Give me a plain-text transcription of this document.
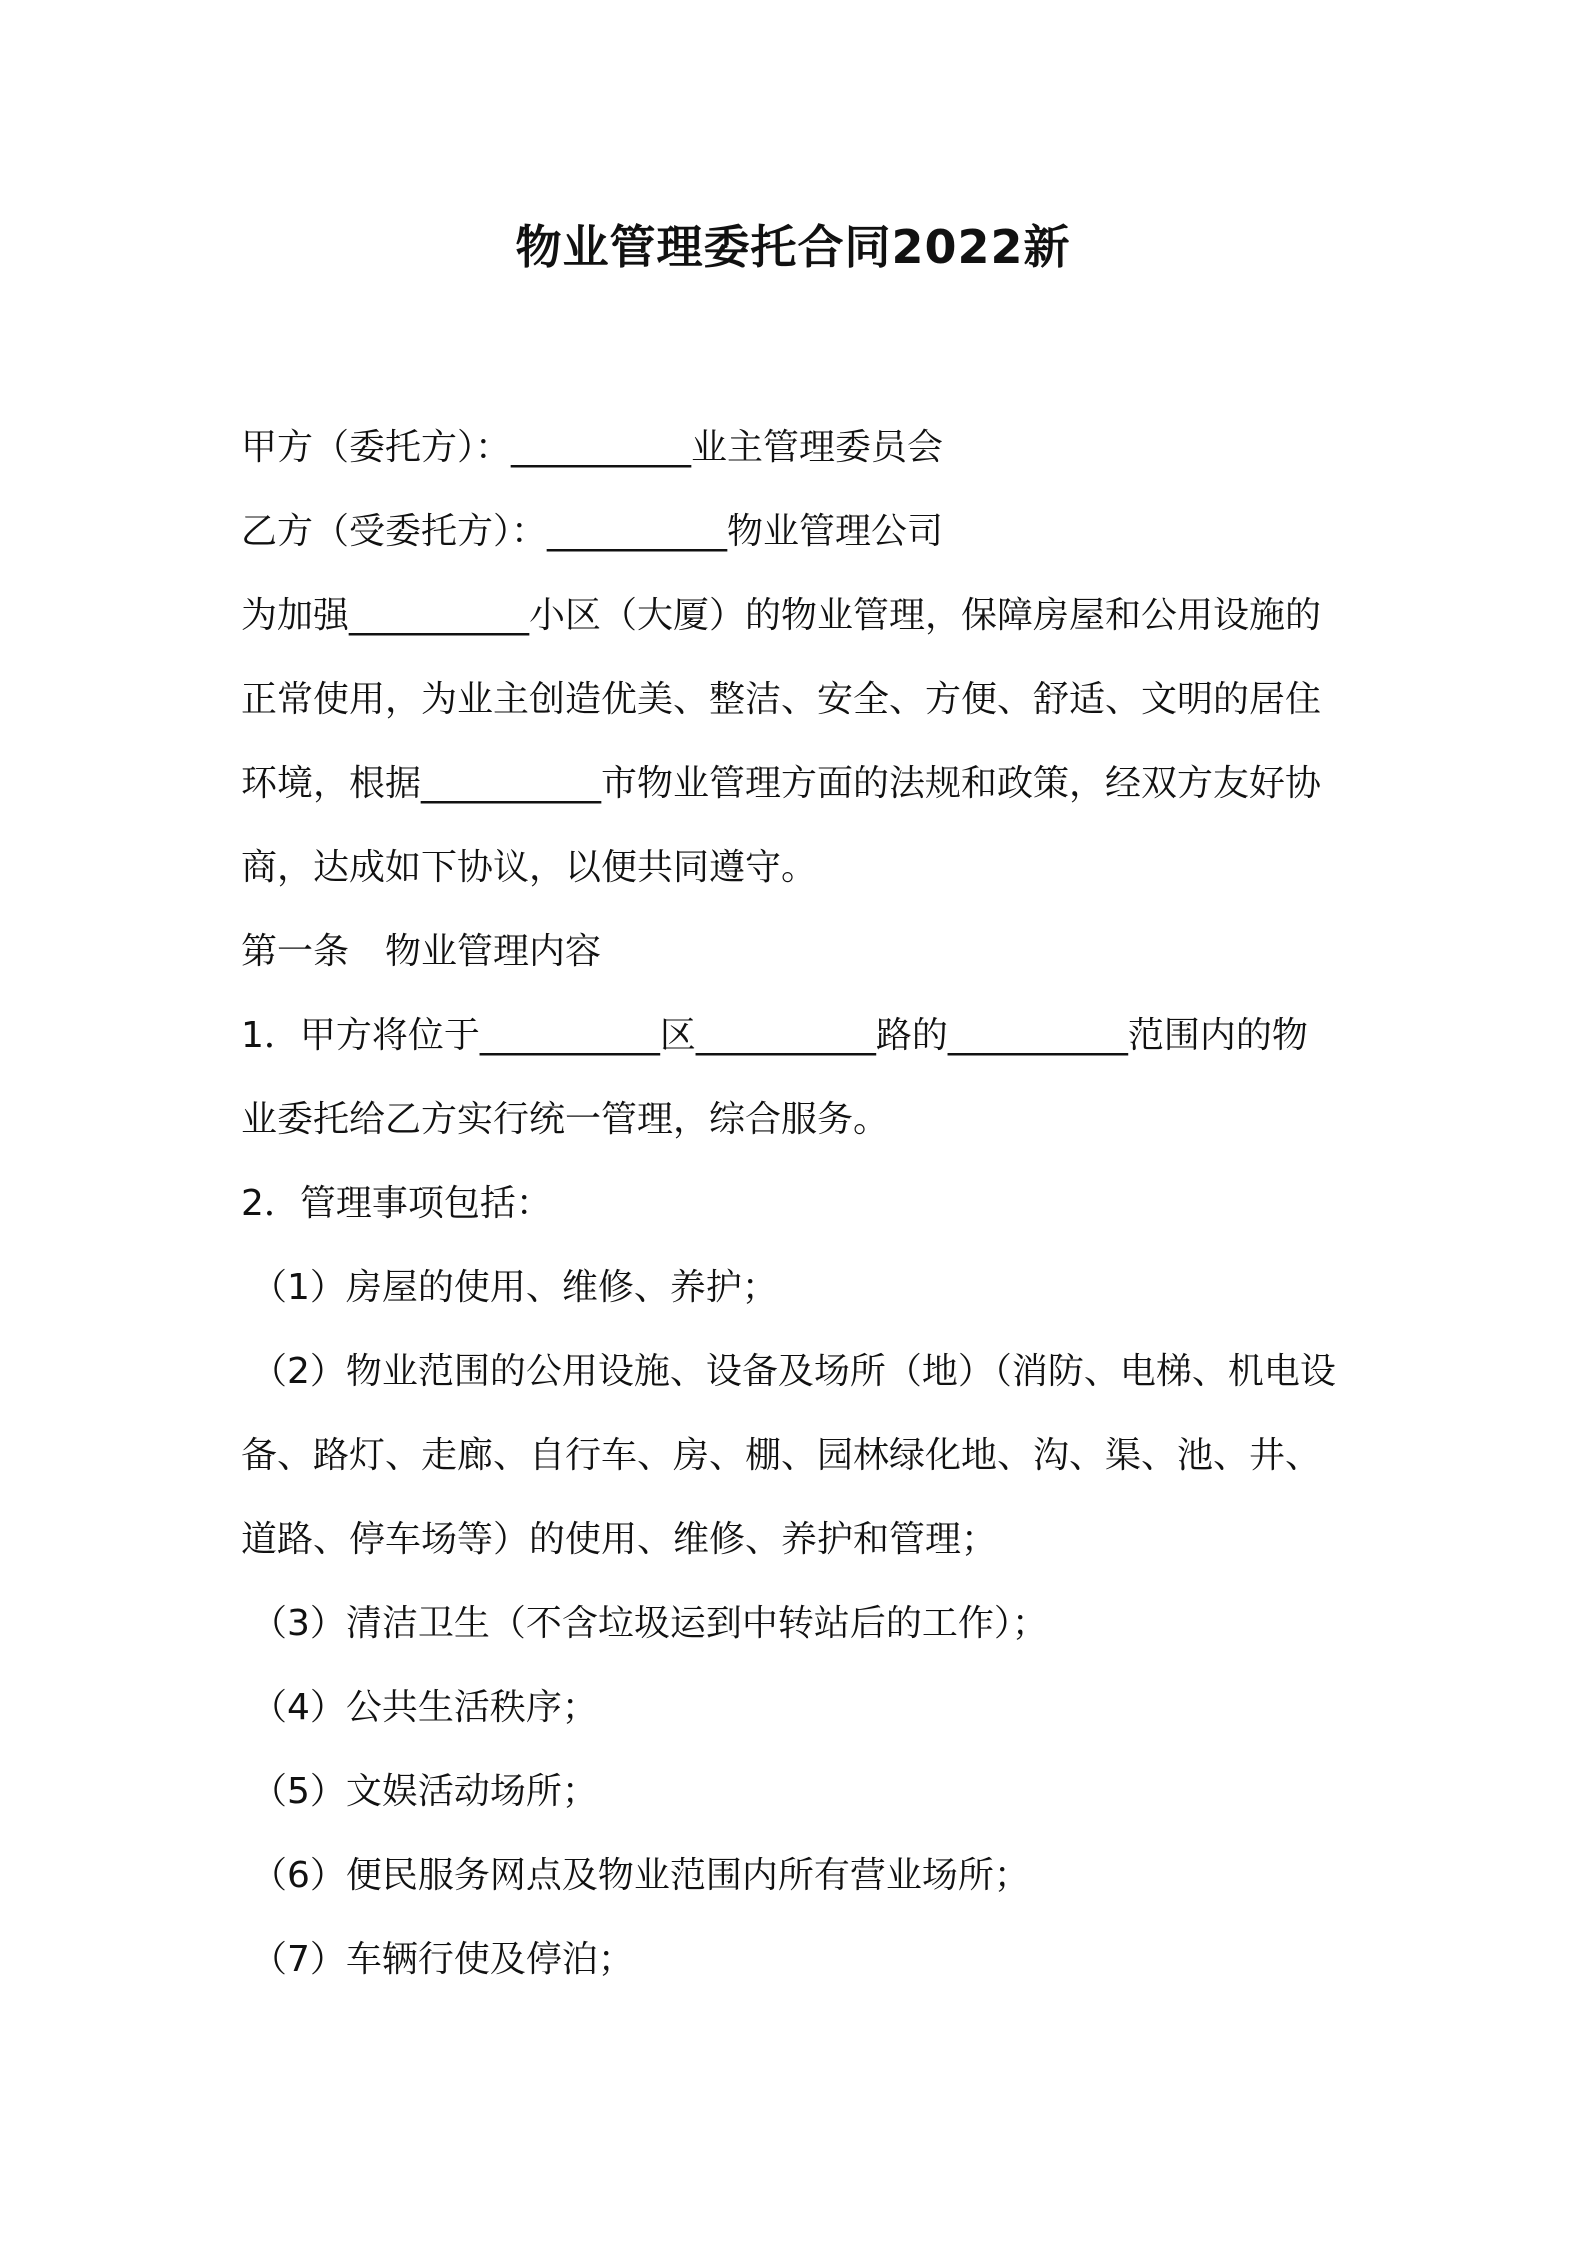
物业管理委托合同2022新

甲方（委托方）：__________业主管理委员会

乙方（受委托方）：__________物业管理公司

为加强__________小区（大厦）的物业管理，保障房屋和公用设施的

正常使用，为业主创造优美、整洁、安全、方便、舒适、文明的居住

环境，根据__________市物业管理方面的法规和政策，经双方友好协

商，达成如下协议，以便共同遵守。

第一条　物业管理内容

1．甲方将位于__________区__________路的__________范围内的物

业委托给乙方实行统一管理，综合服务。

2．管理事项包括：

（1）房屋的使用、维修、养护；

（2）物业范围的公用设施、设备及场所（地）（消防、电梯、机电设

备、路灯、走廊、自行车、房、棚、园林绿化地、沟、渠、池、井、

道路、停车场等）的使用、维修、养护和管理；

（3）清洁卫生（不含垃圾运到中转站后的工作）；

（4）公共生活秩序；

（5）文娱活动场所；

（6）便民服务网点及物业范围内所有营业场所；

（7）车辆行使及停泊；
